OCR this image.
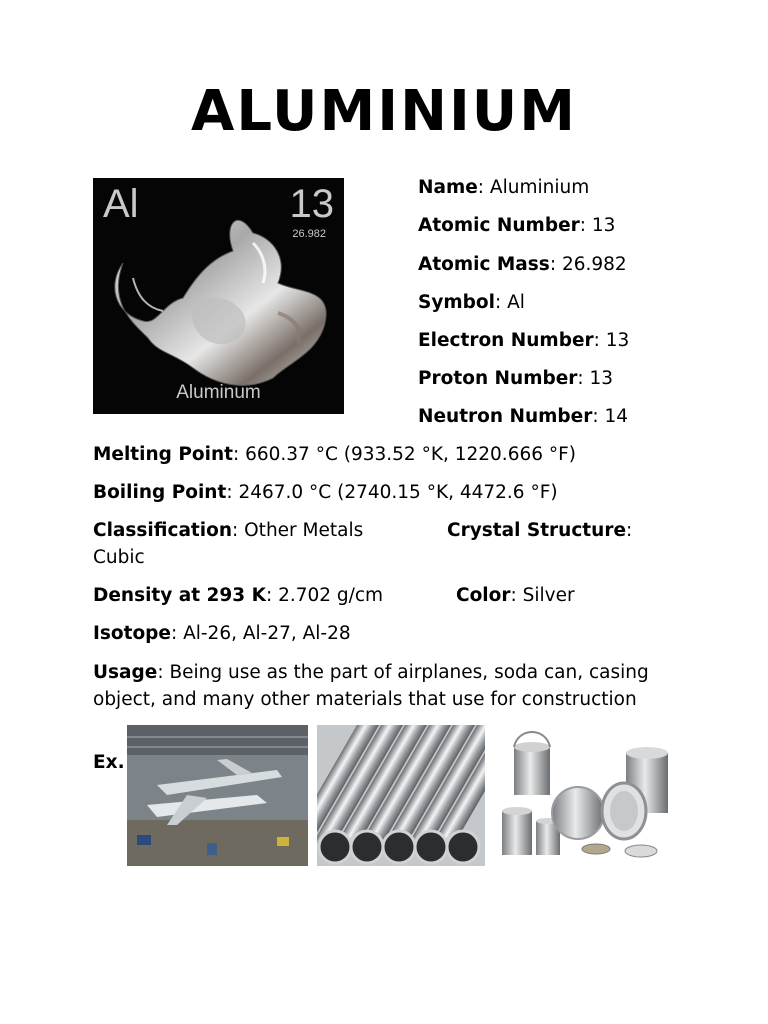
ALUMINIUM
Al	13
26.982
Aluminum
Name: Aluminium
Atomic Number: 13
Atomic Mass: 26.982
Symbol: Al
Electron Number: 13
Proton Number: 13
Neutron Number: 14
Melting Point: 660.37 °C (933.52 °K, 1220.666 °F)
Boiling Point: 2467.0 °C (2740.15 °K, 4472.6 °F)
Classification: Other Metals	Crystal Structure:
Cubic
Density at 293 K: 2.702 g/cm	Color: Silver
Isotope: Al-26, Al-27, Al-28
Usage: Being use as the part of airplanes, soda can, casing object, and many other materials that use for construction
Ex.
